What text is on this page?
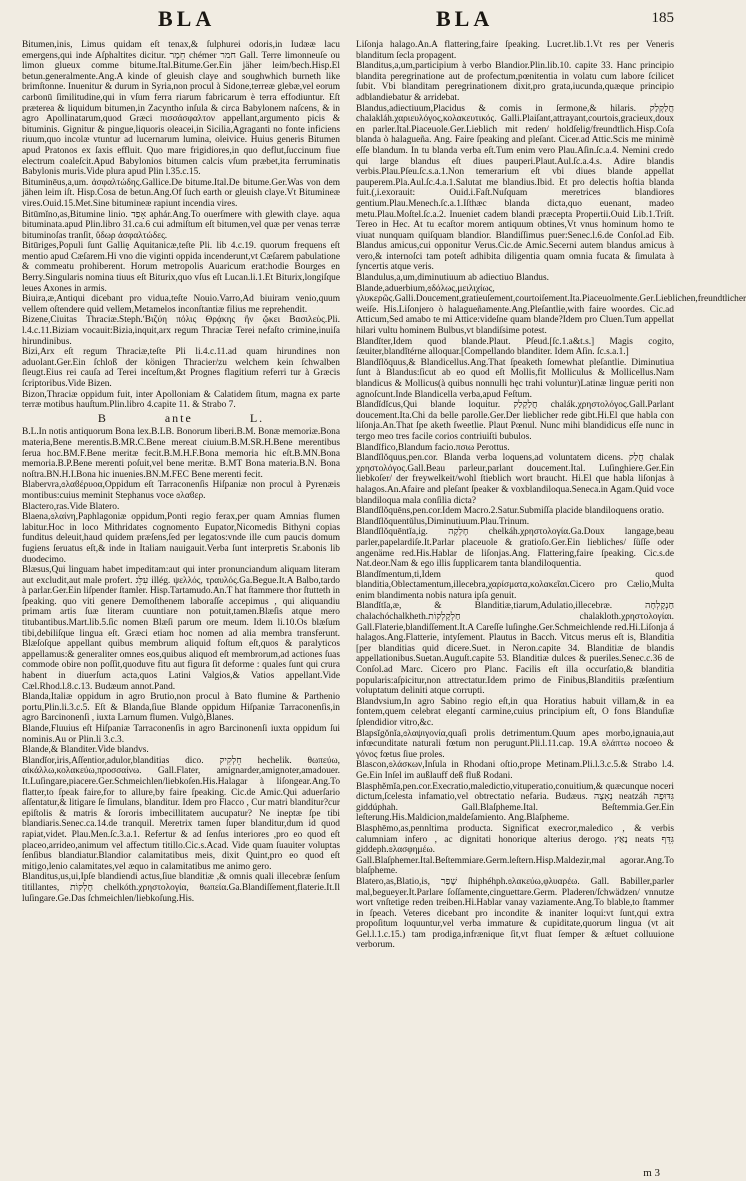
BLA	BLA	185

Bitumen,inis, Limus quidam eſt tenax,& ſulphurei odoris,in Iudææ lacu emergens,qui inde Aſphaltites dicitur. חֵמָר chémer חמר Gall. Terre limonneuſe ou limon glueux comme bitume.Ital.Bitume.Ger.Ein jäher leim/bech.Hisp.El betun.generalmente.Ang.A kinde of gleuish claye and soughwhich burneth like brimſtonne. Inuenitur & durum in Syria,non procul à Sidone,terreæ glebæ,vel eorum carbonū ſimilitudine,qui in vſum ferra riarum fabricarum è terra effodiuntur. Eſt præterea & liquidum bitumen,in Zacyntho inſula & circa Babylonem naſcens, & in agro Apollinatarum,quod Græci πισσάσφαλτον appellant,argumento picis & bituminis. Gignitur & pingue,liquoris oleacei,in Sicilia,Agraganti no fonte inficiens riuum,quo incolæ vtuntur ad lucernarum lumina, oleivice. Huius generis Bitumen apud Pratonos ex ſaxis effluit. Quo mare frigidiores,in quo deflut,ſuccinum fiue electrum coaleſcit.Apud Babylonios bitumen calcis vſum præbet,ita ferruminatis Babylonis muris.Vide plura apud Plin l.35.c.15.

Bituminēus,a,um. ἀσφαλτώδης.Gallice.De bitume.Ital.De bitume.Ger.Was von dem jähen leim iſt. Hisp.Cosa de betun.Ang.Of ſuch earth or gleuish claye.Vt Bitumineæ vires.Ouid.15.Met.Sine bitumineæ rapiunt incendia vires.

Bitūmĭno,as,Bitumine linio. אָפַד aphár.Ang.To ouerſmere with glewith claye. aqua bituminata.apud Plin.libro 31.ca.6 cui admiſtum eſt bitumen,vel quæ per venas terræ bituminoſas tranſit, ὕδωρ ἀσφαλτώδες.

Bitūriges,Populi ſunt Gallię Aquitanicæ,teſte Pli. lib 4.c.19. quorum frequens eſt mentio apud Cæſarem.Hi vno die viginti oppida incenderunt,vt Cæſarem pabulatione & commeatu prohiberent. Horum metropolis Auaricum erat:hodie Bourges en Berry.Singularis nomina tiuus eſt Bituriх,quo vſus eſt Lucan.li.1.Et Biturix,longiſque leues Axones in armis.

Biuira,æ,Antiqui dicebant pro vidua,teſte Nouio.Varro,Ad biuiram venio,quum vellem oſtendere quid vellem,Metamelos inconſtantiæ filius me reprehendit.

Bizene,Ciuitas Thraciæ.Steph.ʹΒιζύη πόλις Θρᾴκης ἣν ᾤκει Βασιλεὺς.Pli. l.4.c.11.Biziam vocauit:Bizia,inquit,arx regum Thraciæ Terei nefaſto crimine,inuiſa hirundinibus.

Bizi,Arx eſt regum Thraciæ,teſte Pli li.4.c.11.ad quam hirundines non aduolant.Ger.Ein ſchloß der königen Thracier/zu welchem kein ſchwalben ſleugt.Eius rei cauſa ad Terei inceſtum,&t Prognes flagitium referri tur à Græcis ſcriptoribus.Vide Bizen.

Bizon,Thraciæ oppidum fuit, inter Apolloniam & Calatidem ſitum, magna ex parte terræ motibus hauſtum.Plin.libro 4.capite 11. & Strabo 7.

B	ante	L.

B.L.In notis antiquorum Bona lex.B.LB. Bonorum liberi.B.M. Bonæ memoriæ.Bona materia,Bene merentis.B.MR.C.Bene mereat ciuium.B.M.SR.H.Bene merentibus ſerua hoc.BM.F.Bene meritæ fecit.B.M.H.F.Bona memoria hic eſt.B.MN.Bona memoria.B.P.Bene merenti poſuit,vel bene meritæ. B.MT Bona materia.B.N. Bona noſtra.BN.H.I.Bona hic inuenies.BN.M.FEC Bene merenti fecit.

Blabervra,ɞλαϐέρυοα,Oppidum eſt Tarraconenſis Hiſpaniæ non procul à Pyrenæis montibus:cuius meminit Stephanus voce ɞλαϐερ.

Blactero,ras.Vide Blatero.

Blaena,ɞλαίνη,Paphlagoniæ oppidum,Ponti regio ferax,per quam Amnias flumen labitur.Hoc in loco Mithridates cognomento Eupator,Nicomedis Bithyni copias funditus deleuit,haud quidem præſens,ſed per legatos:vnde ille cum paucis domum fugiens ſeruatus eſt,& inde in Italiam nauigauit.Verba ſunt interpretis Sr.abonis lib duodecimo.

Blæsus,Qui linguam habet impeditam:aut qui inter pronunciandum aliquam literam aut excludit,aut male profert. עִלֵּג illég. ψελλός, τραυλός.Ga.Begue.It.A Balbo,tardo à parlar.Ger.Ein liſpender ſtamler. Hisp.Tartamudo.An.T hat ſtammere thor ſtutteth in ſpeaking. quo viti genere Demoſthenem laboraſſe accepimus , qui aliquandiu primam artis ſuæ literam cuuntiare non potuit,tamen.Blæſis atque mero titubantibus.Mart.lib.5.ſic nomen Blæſi parum ore meum. Idem li.10.Os blæſum tibi,debiliſque lingua eſt. Græci etiam hoc nomen ad alia membra transferunt. Blæſoſque appellant quibus membrum aliquid foſtum eſt,quos & paralyticos appellamus:& generaliter omnes eos,quibus aliquod eſt membrorum,ad actiones ſuas commode obire non poſſit,quoduve fitu aut figura ſit deforme : quales ſunt qui crura habent in diuerſum acta,quos Latini Valgios,& Vatios appellant.Vide Cæl.Rhod.l.8.c.13. Budæum annot.Pand.

Blanda,Italiæ oppidum in agro Brutio,non procul à Bato flumine & Parthenio portu,Plin.li.3.c.5. Eſt & Blanda,ſiue Blande oppidum Hiſpaniæ Tarraconenſis,in agro Barcinonenſi , iuxta Larnum flumen. Vulgò,Blanes.

Blande,Fluuius eſt Hiſpaniæ Tarraconenſis in agro Barcinonenſi iuxta oppidum ſui nominis.Au or Plin.li 3.c.3.

Blande,& Blanditer.Vide blandvs.

Blandĭor,iris,Aſſentior,adulor,blanditias dico. חֵלְקִיק hechelik. θωπεύω, αἰκάλλω,κολακεύω,προσσαίνω. Gall.Flater, amignarder,amignoter,amadouer. It.Luſingare,piacere.Ger.Schmeichlen/liebkoſen.His.Halagar à liſongear.Ang.To flatter,to ſpeak faire,for to allure,by faire ſpeaking. Cic.de Amic.Qui aduerſario aſſentatur,& litigare ſe ſimulans, blanditur. Idem pro Flacco , Cur matri blanditur?cur epiſtolis & matris & ſororis imbecillitatem aucupatur? Ne ineptæ ſpe tibi blandiaris.Senec.ca.14.de tranquil. Meretrix tamen ſuper blanditur,dum id quod rapiat,videt. Plau.Men.ſc.3.a.1. Refertur & ad ſenſus interiores ,pro eo quod eſt placeo,arrideo,animum vel affectum titillo.Cic.s.Acad. Vide quam ſuauiter voluptas ſenſibus blandiatur.Blandior calamitatibus meis, dixit Quint,pro eo quod eſt mitigo,lenio calamitates,vel æquo in calamitatibus me animo gero.

Blanditus,us,ui,Ipſe blandiendi actus,ſiue blanditiæ ,& omnis quali illecebræ ſenſum titillantes, חֶלְקוֹת chelkóth.χρηστολογία, θωπεία.Ga.Blandiſſement,flaterie.It.Il luſingare.Ge.Das ſchmeichlen/liebkoſung.His.

Liſonja halago.An.A flattering,faire ſpeaking. Lucret.lib.1.Vt res per Veneris blanditum ſecla propagent.

Blanditus,a,um,participium à verbo Blandior.Plin.lib.10. capite 33. Hanc principio blandita peregrinatione aut de profectum,pœnitentia in volatu cum labore ſcilicet ſubit. Vbi blanditam peregrinationem dixit,pro grata,iucunda,quæque principio adblandiebatur & arridebat.

Blandus,adiectiuum,Placidus & comis in ſermone,& hilaris. חֲלַקְלַק chalakláh.χαριευλόγος,κολακευτικός. Galli.Plaiſant,attrayant,courtois,gracieux,doux en parler.Ital.Piaceuole.Ger.Lieblich mit reden/ holdſelig/freundtlich.Hisp.Coſa blanda ò halagueña. Ang. Faire ſpeaking and pleſant. Cicer.ad Attic.Scis me minimè eſſe blandum. In tu blanda verba eſt.Tum enim vero Plau.Aſin.ſc.a.4. Nemini credo qui large blandus eſt diues pauperi.Plaut.Aul.ſc.a.4.s. Adire blandis verbis.Plau.Pſeu.ſc.s.a.1.Non temerarium eſt vbi diues blande appellat pauperem.Pla.Aul.ſc.4.a.1.Salutat me blandius.Ibid. Et pro delectis hoſtia blanda fuit.(,i.exorauit: Ouid.i.Faſt.Nuſquam meretrices blandiores gentium.Plau.Menech.ſc.a.1.Iſthæc blanda dicta,quo euenant, madeo metu.Plau.Moſtel.ſc.a.2. Inueniet cadem blandi præcepta Propertii.Ouid Lib.1.Triſt. Tereo in Hec. At tu ecaſtor morem antiquum obtines,Vt vnus hominum homo te viuat nunquam quiſquam blandior. Blandiſſimus puer:Senec.l.6.de Conſol.ad Eib. Blandus amicus,cui opponitur Verus.Cic.de Amic.Secerni autem blandus amicus à vero,& internoſci tam poteſt adhibita diligentia quam omnia fucata & ſimulata à ſyncertis atque veris.

Blandulus,a,um,diminutiuum ab adiectiuo Blandus.

Blande,aduerbium,ɞδόλως,μειλιχίως, γλυκερῶς.Galli.Doucement,gratieuſement,courtoiſement.Ita.Piaceuolmente.Ger.Lieblichen,freundtlicher weiſe. His.Liſonjero ò halagueñamente.Ang.Pleſantlie,with faire woordes. Cic.ad Atticum,Sed amabo te mi Attice:videſne quam blande?Idem pro Cluen.Tum appellat hilari vultu hominem Bulbus,vt blandiſsime potest.

Blandĭter,Idem quod blande.Plaut. Pſeud.[ſc.1.a&t.s.] Magis cogito, ſæuiter,blandĭtérne alloquar.[Compellando blanditer. Idem Aſin. ſc.s.a.1.]

Blandĭlŏquus,& Blandicellus.Ang.That ſpeaketh ſomewhat pleſantlie. Diminutiua ſunt à Blandus:ſicut ab eo quod eſt Mollis,fit Molliculus & Mollicellus.Nam blandicus & Mollicus(à quibus nonnulli hęc trahi voluntur)Latinæ linguæ periti non agnoſcunt.Inde Blandicella verba,apud Feſtum.

Blandĭdĭcus,Qui blande loquitur. חֲלַקְלַק chalák.χρηστολόγος.Gall.Parlant doucement.Ita.Chi da belle parolle.Ger.Der lieblicher rede gibt.Hi.El que habla con liſonja.An.That ſpe aketh ſweetlie. Plaut Pœnul. Nunc mihi blandidicus eſſe nunc in tergo meo tres facile corios contriuiſti bubulos.

Blandĭfico,Blandum facio.πσιω Perottus.

Blandĭlŏquus,pen.cor. Blanda verba loquens,ad voluntatem dicens. חֲלַק chalak χρηστολόγος.Gall.Beau parleur,parlant doucement.Ital. Luſinghiere.Ger.Ein liebkoſer/ der freywelkeit/wohl ſtieblich wort braucht. Hi.El que habla liſonjas à halagos.An.Afaire and pleſant ſpeaker & voxblandiloqua.Seneca.in Agam.Quid voce blandiloqua mala conſilia dicta?

Blandĭlŏquēns,pen.cor.Idem Macro.2.Satur.Submiſſa placide blandiloquens oratio.

Blandĭlŏquentŭlus,Diminutiuum.Plau.Trinum.

Blandĭlŏquēntĭa,ig. חֶלְקָה chelkáh.χρηστολογία.Ga.Doux langage,beau parler,papelardiſe.It.Parlar placeuole & gratioſo.Ger.Ein liebliches/ ſüſſe oder angenäme red.His.Hablar de liſonjas.Ang. Flattering,faire ſpeaking. Cic.s.de Nat.deor.Nam & ego illis ſupplicarem tanta blandiloquentia.

Blandĭmentum,ti,Idem quod blanditia,Oblectamentum,illecebra,χαρίσματα,κολακεῖαι.Cicero pro Cælio,Multa enim blandimenta nobis natura ipſa genuit.

Blandĭtĭa,æ, & Blanditiæ,tiarum,Adulatio,illecebræ. חַנְקָלְחָה chalachóchalkheth.חַלְקָלְקוֹת chalakloth.χρηστολογίαι. Gall.Flaterie,blandiſſement.It.A Careſſe luſinghe.Ger.Schmeichlende red.Hi.Liſonja á halagos.Ang.Flatterie, intyſement. Plautus in Bacch. Vitcus merus eſt is, Blanditia [per blanditias quid dicere.Suet. in Neron.capite 34. Blanditiæ de blandis appellationibus.Suetan.Auguſt.capite 53. Blanditiæ dulces & pueriles.Senec.c.36 de Conſol.ad Marc. Cicero pro Planc. Facilis eſt illa occurſatio,& blanditia popularis:aſpicitur,non attrectatur.Idem primo de Finibus,Blanditiis præſentium voluptatum deliniti atque corrupti.

Blandvsium,In agro Sabino regio eſt,in qua Horatius habuit villam,& in ea fontem,quem celebrat elegantí carmine,cuius principium eſt, O fons Blanduſiæ ſplendidior vitro,&c.

Blapsĭgŏnĭa,ɞλαψιγονία,quaſi prolis detrimentum.Quum apes morbo,ignauia,aut infœcunditate naturali fœtum non perugunt.Pli.l.11.cap. 19.A ɞλάπτω nocoeo & γόνος fœtus ſiue proles.

Blascon,ɞλάσκων,Inſula in Rhodani oſtio,prope Metinam.Pli.l.3.c.5.& Strabo l.4. Ge.Ein Inſel im außlauff deß fluß Rodani.

Blasphĕmĭa,pen.cor.Execratio,maledictio,vituperatio,conuitium,& quæcunque noceri dictum,ſcelesta infamatio,vel obtrectatio nefaria. Budæus. נְאָצָה neatzáh גִּדּוּפָה giddúphah. Gall.Blaſpheme.Ital. Beſtemmia.Ger.Ein leſterung.His.Maldicion,maldeſamiento. Ang.Blaſpheme.

Blasphēmo,as,pennltima producta. Significat execror,maledico , & verbis calumniam infero , ac dignitati honorique alterius derogo. נָאַץ neats גִּדֵּף giddeph.ɞλασφημέω. Gall.Blaſphemer.Ital.Beſtemmiare.Germ.leſtern.Hisp.Maldezir,mal agorar.Ang.To blaſpheme.

Blatero,as,Blatio,is, שָׁפַר ſhiphéhph.ɞλακεύω,φλυαρέω. Gall. Babiller,parler mal,begueyer.It.Parlare ſoſſamente,cinguettare.Germ. Pladeren/ſchwädzen/ vnnutze wort vnſtetige reden treiben.Hi.Hablar vanay vaziamente.Ang.To blable,to ſtammer in ſpeach. Veteres dicebant pro incondite & inaniter loqui:vt ſunt,qui extra propoſitum loquuntur,vel verba immature & cupiditate,quorum lingua (vt ait Gel.l.1.c.15.) tam prodiga,infrænique ſit,vt fluat ſemper & æſtuet colluuione verborum.

m 3
